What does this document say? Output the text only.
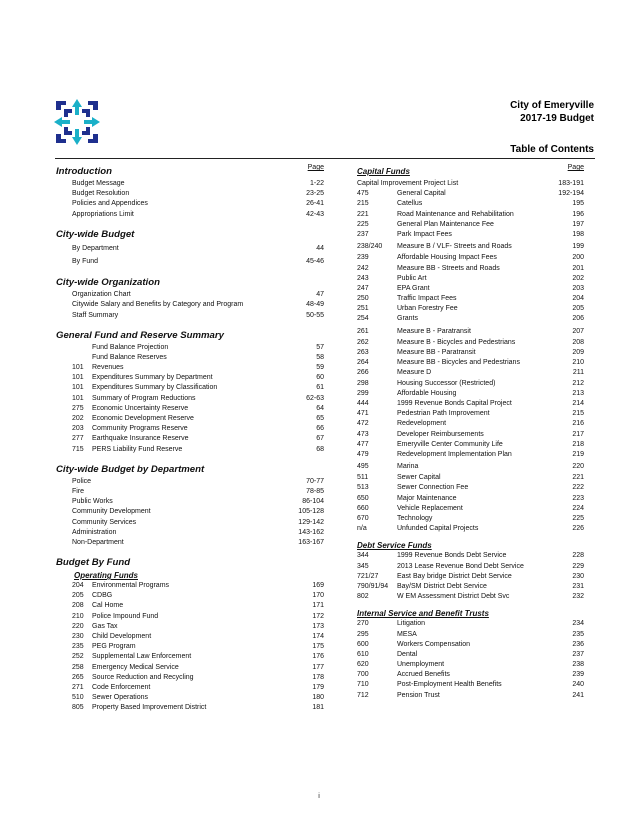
City of Emeryville
2017-19 Budget
Table of Contents
Introduction	Page
Budget Message	1-22
Budget Resolution	23-25
Policies and Appendices	26-41
Appropriations Limit	42-43
City-wide Budget
By Department	44
By Fund	45-46
City-wide Organization
Organization Chart	47
Citywide Salary and Benefits by Category and Program	48-49
Staff Summary	50-55
General Fund and Reserve Summary
Fund Balance Projection	57
Fund Balance Reserves	58
101	Revenues	59
101	Expenditures Summary by Department	60
101	Expenditures Summary by Classification	61
101	Summary of Program Reductions	62-63
275	Economic Uncertainty Reserve	64
202	Economic Development Reserve	65
203	Community Programs Reserve	66
277	Earthquake Insurance Reserve	67
715	PERS Liability Fund Reserve	68
City-wide Budget by Department
Police	70-77
Fire	78-85
Public Works	86-104
Community Development	105-128
Community Services	129-142
Administration	143-162
Non-Department	163-167
Budget By Fund
Operating Funds
204	Environmental Programs	169
205	CDBG	170
208	Cal Home	171
210	Police Impound Fund	172
220	Gas Tax	173
230	Child Development	174
235	PEG Program	175
252	Supplemental Law Enforcement	176
258	Emergency Medical Service	177
265	Source Reduction and Recycling	178
271	Code Enforcement	179
510	Sewer Operations	180
805	Property Based Improvement District	181
Capital Funds	Page
Capital Improvement Project List	183-191
475	General Capital	192-194
215	Catellus	195
221	Road Maintenance and Rehabilitation	196
225	General Plan Maintenance Fee	197
237	Park Impact Fees	198
238/240	Measure B / VLF- Streets and Roads	199
239	Affordable Housing Impact Fees	200
242	Measure BB - Streets and Roads	201
243	Public Art	202
247	EPA Grant	203
250	Traffic Impact Fees	204
251	Urban Forestry Fee	205
254	Grants	206
261	Measure B - Paratransit	207
262	Measure B - Bicycles and Pedestrians	208
263	Measure BB - Paratransit	209
264	Measure BB - Bicycles and Pedestrians	210
266	Measure D	211
298	Housing Successor (Restricted)	212
299	Affordable Housing	213
444	1999 Revenue Bonds Capital Project	214
471	Pedestrian Path Improvement	215
472	Redevelopment	216
473	Developer Reimbursements	217
477	Emeryville Center Community Life	218
479	Redevelopment Implementation Plan	219
495	Marina	220
511	Sewer Capital	221
513	Sewer Connection Fee	222
650	Major Maintenance	223
660	Vehicle Replacement	224
670	Technology	225
n/a	Unfunded Capital Projects	226
Debt Service Funds
344	1999 Revenue Bonds Debt Service	228
345	2013 Lease Revenue Bond Debt Service	229
721/27	East Bay bridge District Debt Service	230
790/91/94	Bay/SM District Debt Service	231
802	W EM Assessment District Debt Svc	232
Internal Service and Benefit Trusts
270	Litigation	234
295	MESA	235
600	Workers Compensation	236
610	Dental	237
620	Unemployment	238
700	Accrued Benefits	239
710	Post-Employment Health Benefits	240
712	Pension Trust	241
i
